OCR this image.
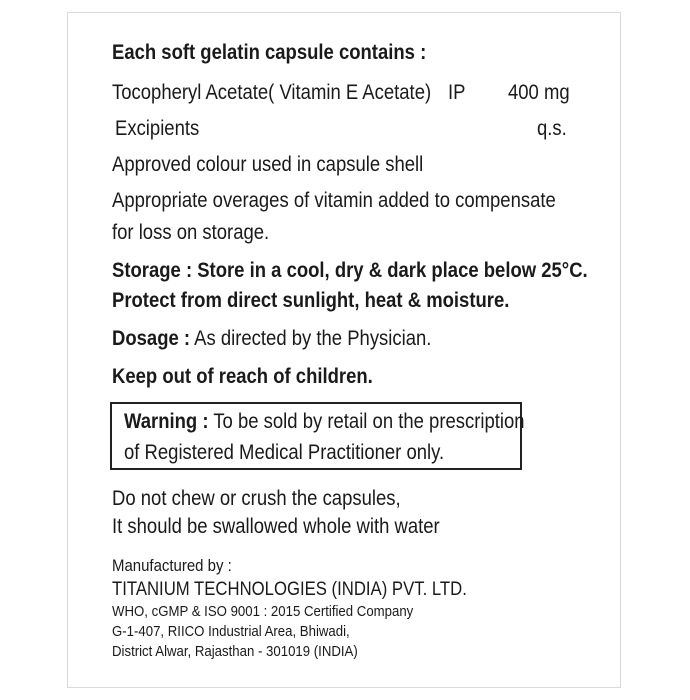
Each soft gelatin capsule contains :
Tocopheryl Acetate( Vitamin E Acetate) IP 400 mg
Excipients	q.s.
Approved colour used in capsule shell
Appropriate overages of vitamin added to compensate
for loss on storage.
Storage : Store in a cool, dry & dark place below 25°C.
Protect from direct sunlight, heat & moisture.
Dosage : As directed by the Physician.
Keep out of reach of children.
Warning : To be sold by retail on the prescription
of Registered Medical Practitioner only.
Do not chew or crush the capsules,
It should be swallowed whole with water
Manufactured by :
TITANIUM TECHNOLOGIES (INDIA) PVT. LTD.
WHO, cGMP & ISO 9001 : 2015 Certified Company
G-1-407, RIICO Industrial Area, Bhiwadi,
District Alwar, Rajasthan - 301019 (INDIA)
